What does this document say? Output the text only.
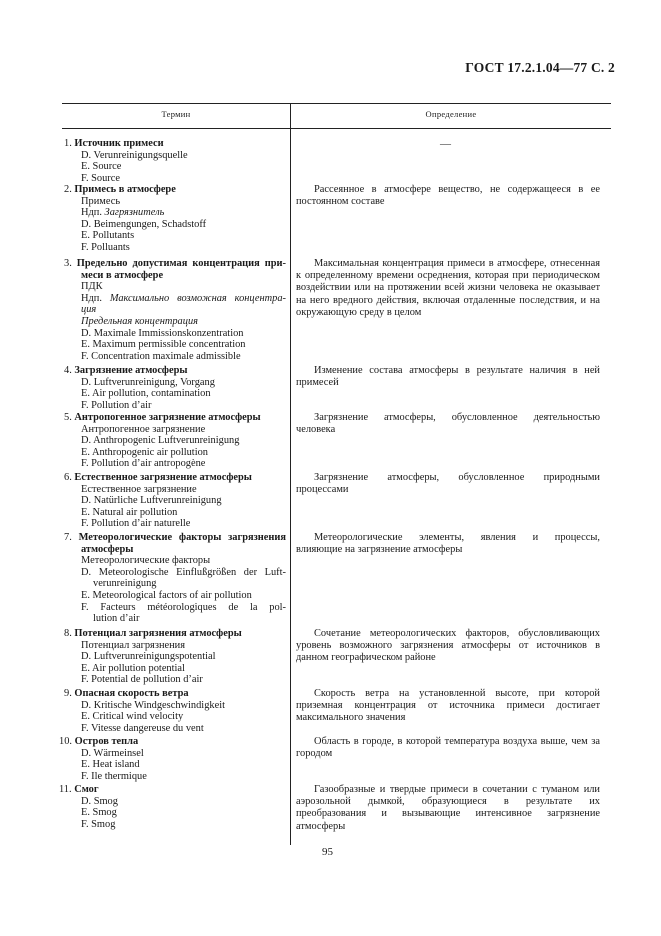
ГОСТ 17.2.1.04—77 С. 2
Термин	Определение
1. Источник примеси
D. Verunreinigungsquelle
E. Source
F. Source
—
2. Примесь в атмосфере
Примесь
Ндп. Загрязнитель
D. Beimengungen, Schadstoff
E. Pollutants
F. Polluants
Рассеянное в атмосфере вещество, не содержащееся в ее постоянном составе
3. Предельно допустимая концентрация при-
меси в атмосфере
ПДК
Ндп. Максимально возможная концентра-
ция
Предельная концентрация
D. Maximale Immissionskonzentration
E. Maximum permissible concentration
F. Concentration maximale admissible
Максимальная концентрация примеси в атмосфере, отнесенная к определенному времени осреднения, которая при периодическом воздействии или на протяжении всей жизни человека не оказывает на него вредного действия, включая отдаленные последствия, и на окружающую среду в целом
4. Загрязнение атмосферы
D. Luftverunreinigung, Vorgang
E. Air pollution, contamination
F. Pollution d’air
Изменение состава атмосферы в результате наличия в ней примесей
5. Антропогенное загрязнение атмосферы
Антропогенное загрязнение
D. Anthropogenic Luftverunreinigung
E. Anthropogenic air pollution
F. Pollution d’air antropogène
Загрязнение атмосферы, обусловленное деятельностью человека
6. Естественное загрязнение атмосферы
Естественное загрязнение
D. Natürliche Luftverunreinigung
E. Natural air pollution
F. Pollution d’air naturelle
Загрязнение атмосферы, обусловленное природными процессами
7. Метеорологические факторы загрязнения
атмосферы
Метеорологические факторы
D. Meteorologische Einflußgrößen der Luft-
verunreinigung
E. Meteorological factors of air pollution
F. Facteurs météorologiques de la pol-
lution d’air
Метеорологические элементы, явления и процессы,
влияющие на загрязнение атмосферы
8. Потенциал загрязнения атмосферы
Потенциал загрязнения
D. Luftverunreinigungspotential
E. Air pollution potential
F. Potential de pollution d’air
Сочетание метеорологических факторов, обусловливающих уровень возможного загрязнения атмосферы от источников в данном географическом районе
9. Опасная скорость ветра
D. Kritische Windgeschwindigkeit
E. Critical wind velocity
F. Vitesse dangereuse du vent
Скорость ветра на установленной высоте, при которой приземная концентрация от источника примеси достигает максимального значения
10. Остров тепла
D. Wärmeinsel
E. Heat island
F. Ile thermique
Область в городе, в которой температура воздуха выше, чем за городом
11. Смог
D. Smog
E. Smog
F. Smog
Газообразные и твердые примеси в сочетании с туманом или аэрозольной дымкой, образующиеся в результате их преобразования и вызывающие интенсивное загрязнение атмосферы
95
